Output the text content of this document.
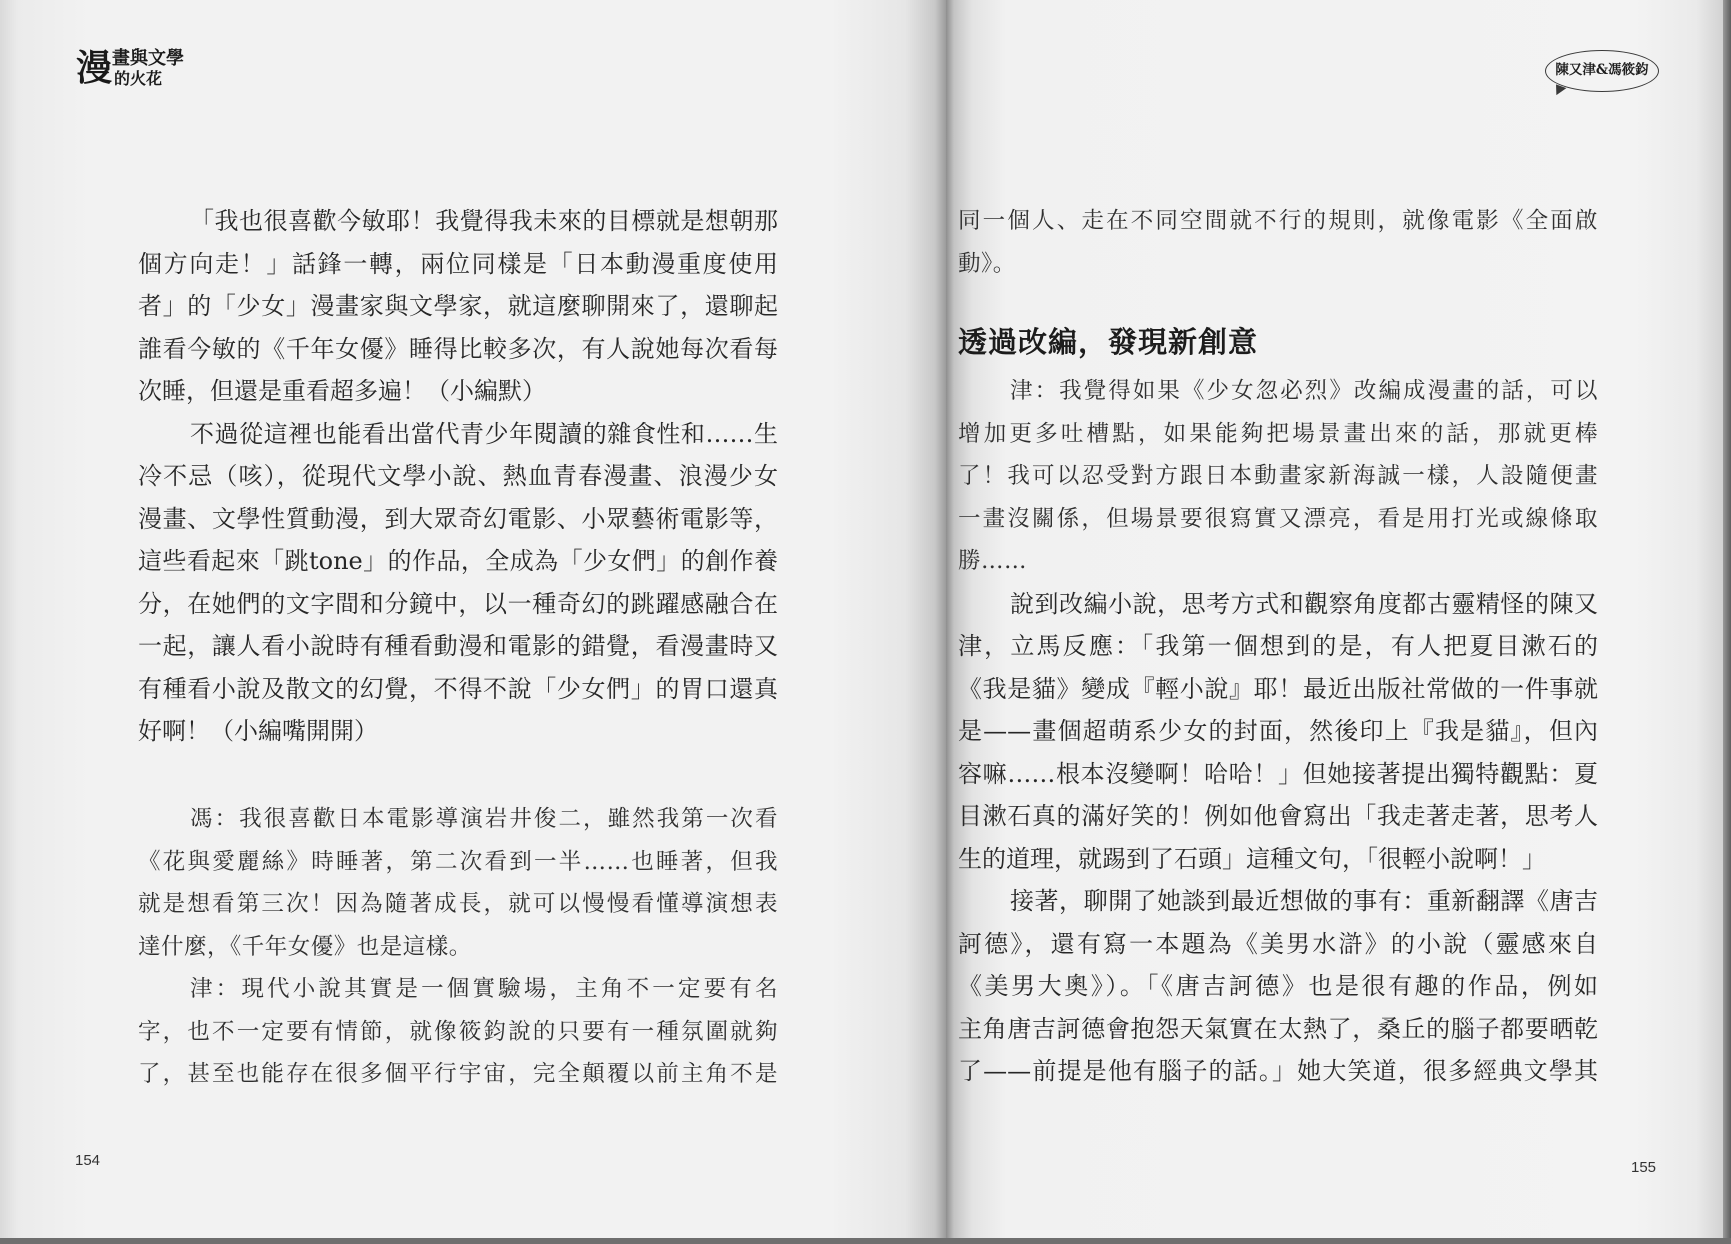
漫 畫與文學
的火花	陳又津&馮筱鈞
「我也很喜歡今敏耶！我覺得我未來的目標就是想朝那
個方向走！」話鋒一轉，兩位同樣是「日本動漫重度使用
者」的「少女」漫畫家與文學家，就這麼聊開來了，還聊起
誰看今敏的《千年女優》睡得比較多次，有人說她每次看每
次睡，但還是重看超多遍！（小編默）
不過從這裡也能看出當代青少年閱讀的雜食性和……生
冷不忌（咳），從現代文學小說、熱血青春漫畫、浪漫少女
漫畫、文學性質動漫，到大眾奇幻電影、小眾藝術電影等，
這些看起來「跳tone」的作品，全成為「少女們」的創作養
分，在她們的文字間和分鏡中，以一種奇幻的跳躍感融合在
一起，讓人看小說時有種看動漫和電影的錯覺，看漫畫時又
有種看小說及散文的幻覺，不得不說「少女們」的胃口還真
好啊！（小編嘴開開）
馮：我很喜歡日本電影導演岩井俊二，雖然我第一次看
《花與愛麗絲》時睡著，第二次看到一半……也睡著，但我
就是想看第三次！因為隨著成長，就可以慢慢看懂導演想表
達什麼，《千年女優》也是這樣。
津：現代小說其實是一個實驗場，主角不一定要有名
字，也不一定要有情節，就像筱鈞說的只要有一種氛圍就夠
了，甚至也能存在很多個平行宇宙，完全顛覆以前主角不是
同一個人、走在不同空間就不行的規則，就像電影《全面啟
動》。
透過改編，發現新創意
津：我覺得如果《少女忽必烈》改編成漫畫的話，可以
增加更多吐槽點，如果能夠把場景畫出來的話，那就更棒
了！我可以忍受對方跟日本動畫家新海誠一樣，人設隨便畫
一畫沒關係，但場景要很寫實又漂亮，看是用打光或線條取
勝……
說到改編小說，思考方式和觀察角度都古靈精怪的陳又
津，立馬反應：「我第一個想到的是，有人把夏目漱石的
《我是貓》變成『輕小說』耶！最近出版社常做的一件事就
是——畫個超萌系少女的封面，然後印上『我是貓』，但內
容嘛……根本沒變啊！哈哈！」但她接著提出獨特觀點：夏
目漱石真的滿好笑的！例如他會寫出「我走著走著，思考人
生的道理，就踢到了石頭」這種文句，「很輕小說啊！」
接著，聊開了她談到最近想做的事有：重新翻譯《唐吉
訶德》，還有寫一本題為《美男水滸》的小說（靈感來自
《美男大奧》）。「《唐吉訶德》也是很有趣的作品，例如
主角唐吉訶德會抱怨天氣實在太熱了，桑丘的腦子都要晒乾
了——前提是他有腦子的話。」她大笑道，很多經典文學其
154	155
